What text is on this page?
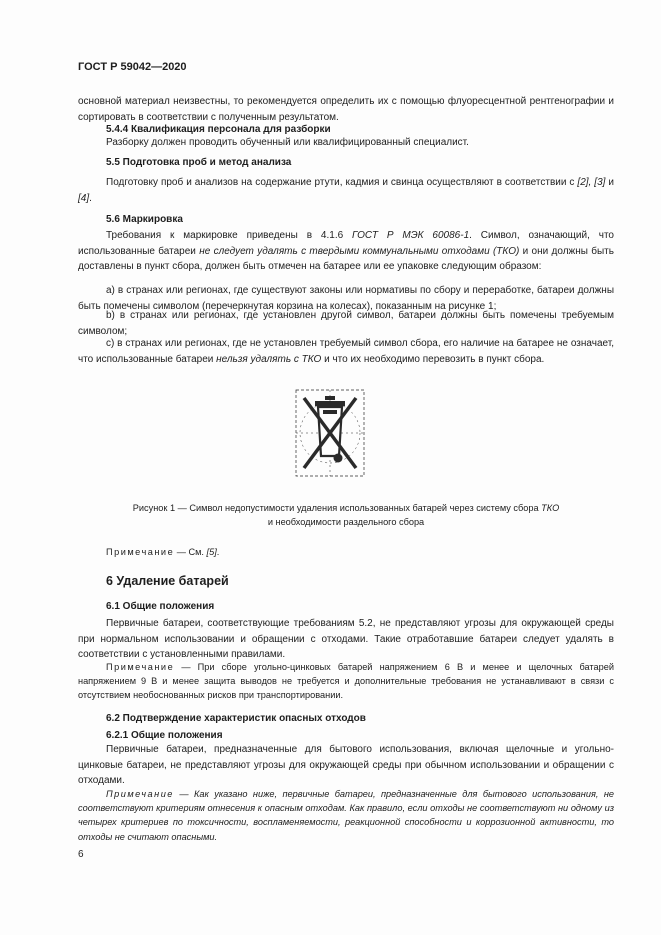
ГОСТ Р 59042—2020
основной материал неизвестны, то рекомендуется определить их с помощью флуоресцентной рентгенографии и сортировать в соответствии с полученным результатом.
5.4.4 Квалификация персонала для разборки
Разборку должен проводить обученный или квалифицированный специалист.
5.5 Подготовка проб и метод анализа
Подготовку проб и анализов на содержание ртути, кадмия и свинца осуществляют в соответствии с [2], [3] и [4].
5.6 Маркировка
Требования к маркировке приведены в 4.1.6 ГОСТ Р МЭК 60086-1. Символ, означающий, что использованные батареи не следует удалять с твердыми коммунальными отходами (ТКО) и они должны быть доставлены в пункт сбора, должен быть отмечен на батарее или ее упаковке следующим образом:
а) в странах или регионах, где существуют законы или нормативы по сбору и переработке, батареи должны быть помечены символом (перечеркнутая корзина на колесах), показанным на рисунке 1;
b) в странах или регионах, где установлен другой символ, батареи должны быть помечены требуемым символом;
с) в странах или регионах, где не установлен требуемый символ сбора, его наличие на батарее не означает, что использованные батареи нельзя удалять с ТКО и что их необходимо перевозить в пункт сбора.
Рисунок 1 — Символ недопустимости удаления использованных батарей через систему сбора ТКО
и необходимости раздельного сбора
Примечание — См. [5].
6 Удаление батарей
6.1 Общие положения
Первичные батареи, соответствующие требованиям 5.2, не представляют угрозы для окружающей среды при нормальном использовании и обращении с отходами. Такие отработавшие батареи следует удалять в соответствии с установленными правилами.
Примечание — При сборе угольно-цинковых батарей напряжением 6 В и менее и щелочных батарей напряжением 9 В и менее защита выводов не требуется и дополнительные требования не устанавливают в связи с отсутствием необоснованных рисков при транспортировании.
6.2 Подтверждение характеристик опасных отходов
6.2.1 Общие положения
Первичные батареи, предназначенные для бытового использования, включая щелочные и угольно-цинковые батареи, не представляют угрозы для окружающей среды при обычном использовании и обращении с отходами.
Примечание — Как указано ниже, первичные батареи, предназначенные для бытового использования, не соответствуют критериям отнесения к опасным отходам. Как правило, если отходы не соответствуют ни одному из четырех критериев по токсичности, воспламеняемости, реакционной способности и коррозионной активности, то отходы не считают опасными.
6
